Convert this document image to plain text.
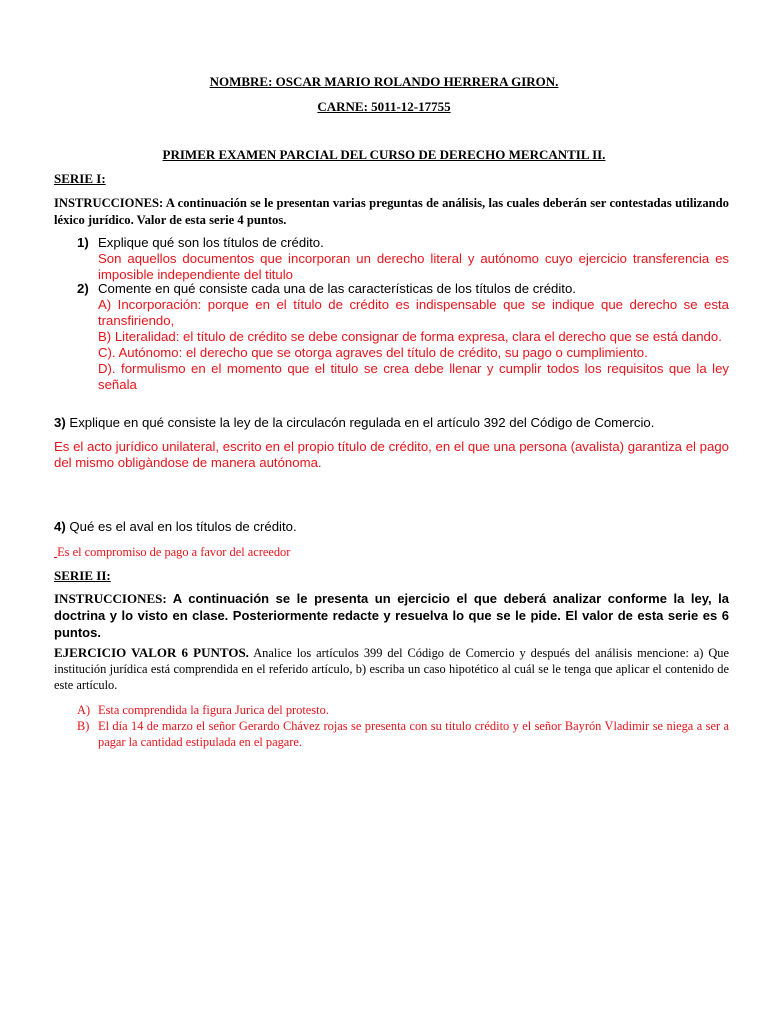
NOMBRE: OSCAR MARIO ROLANDO HERRERA GIRON.
CARNE: 5011-12-17755
PRIMER EXAMEN PARCIAL DEL CURSO DE DERECHO MERCANTIL II.
SERIE I:
INSTRUCCIONES: A continuación se le presentan varias preguntas de análisis, las cuales deberán ser contestadas utilizando léxico jurídico. Valor de esta serie 4 puntos.
1) Explique qué son los títulos de crédito.
Son aquellos documentos que incorporan un derecho literal y autónomo cuyo ejercicio transferencia es imposible independiente del titulo
2) Comente en qué consiste cada una de las características de los títulos de crédito.
A) Incorporación: porque en el título de crédito es indispensable que se indique que derecho se esta transfiriendo,
B) Literalidad: el título de crédito se debe consignar de forma expresa, clara el derecho que se está dando.
C). Autónomo: el derecho que se otorga agraves del título de crédito, su pago o cumplimiento.
D). formulismo en el momento que el titulo se crea debe llenar y cumplir todos los requisitos que la ley señala
3) Explique en qué consiste la ley de la circulacón regulada en el artículo 392 del Código de Comercio.
Es el acto jurídico unilateral, escrito en el propio título de crédito, en el que una persona (avalista) garantiza el pago del mismo obligàndose de manera autónoma.
4) Qué es el aval en los títulos de crédito.
Es el compromiso de pago a favor del acreedor
SERIE II:
INSTRUCCIONES: A continuación se le presenta un ejercicio el que deberá analizar conforme la ley, la doctrina y lo visto en clase. Posteriormente redacte y resuelva lo que se le pide. El valor de esta serie es 6 puntos.
EJERCICIO VALOR 6 PUNTOS. Analice los artículos 399 del Código de Comercio y después del análisis mencione: a) Que institución jurídica está comprendida en el referido artículo, b) escriba un caso hipotético al cuál se le tenga que aplicar el contenido de este artículo.
A) Esta comprendida la figura Jurica del protesto.
B) El día 14 de marzo el señor Gerardo Chávez rojas se presenta con su titulo crédito y el señor Bayrón Vladimir se niega a ser a pagar la cantidad estipulada en el pagare.
